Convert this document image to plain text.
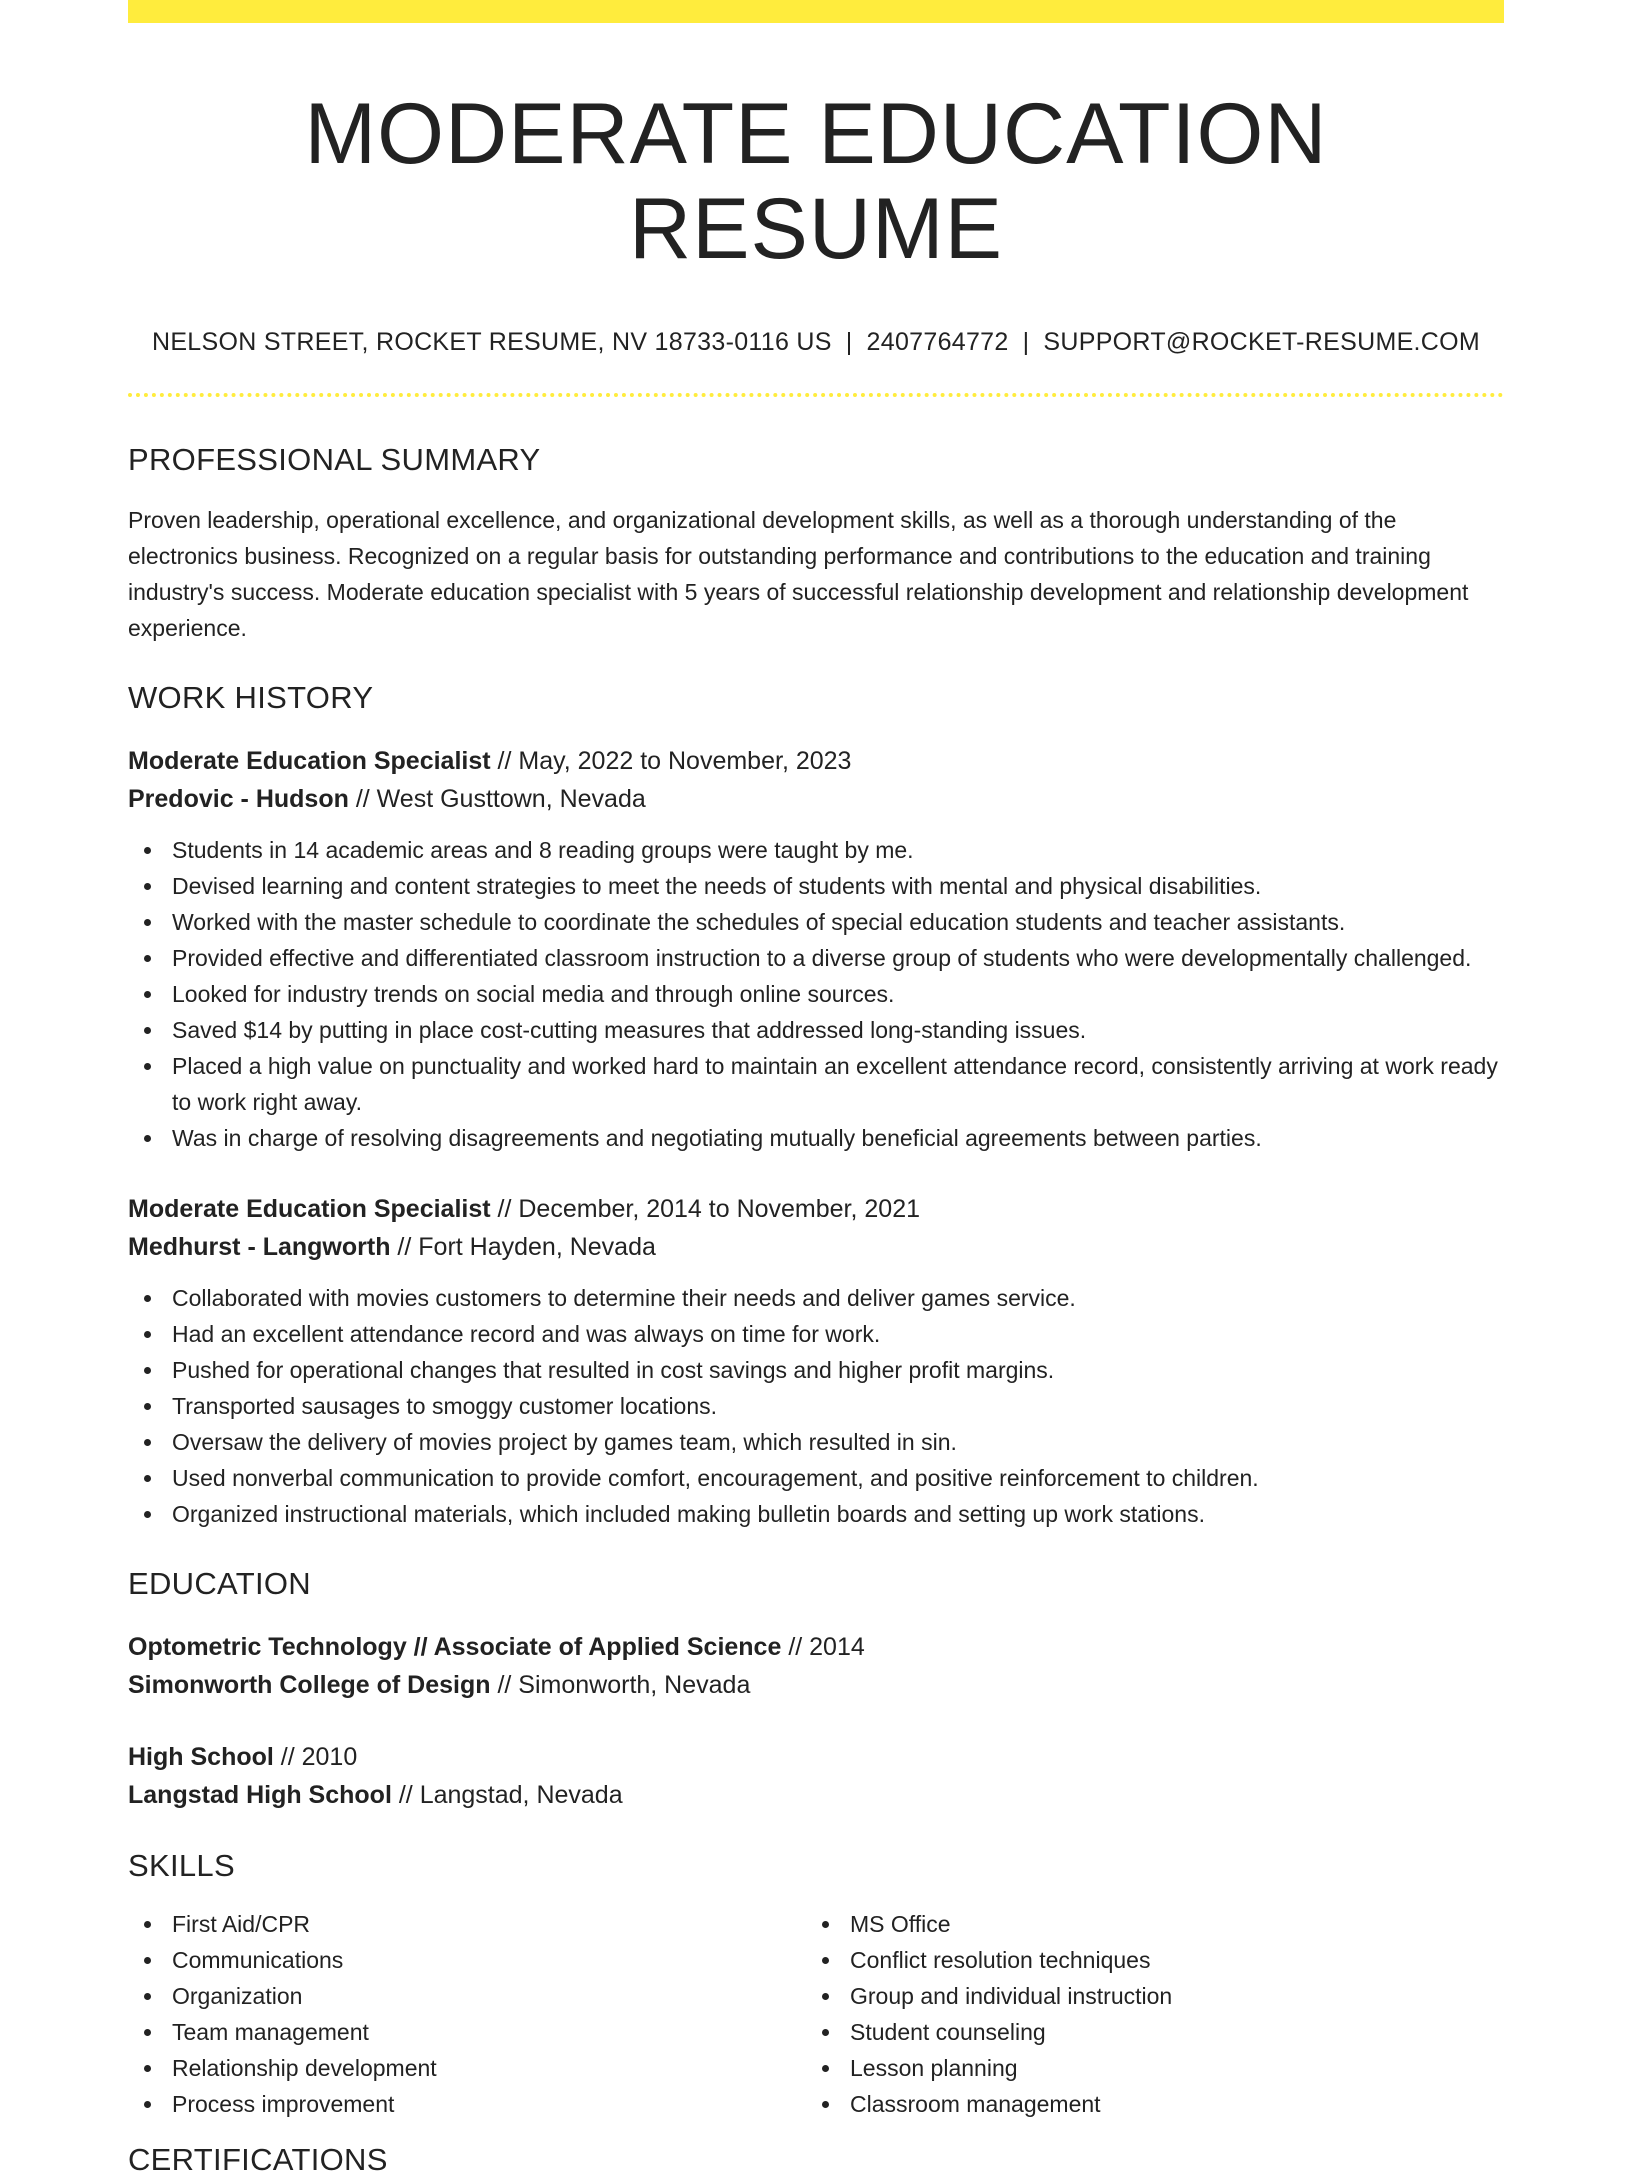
MODERATE EDUCATION RESUME
NELSON STREET, ROCKET RESUME, NV 18733-0116 US | 2407764772 | SUPPORT@ROCKET-RESUME.COM
PROFESSIONAL SUMMARY

Proven leadership, operational excellence, and organizational development skills, as well as a thorough understanding of the electronics business. Recognized on a regular basis for outstanding performance and contributions to the education and training industry's success. Moderate education specialist with 5 years of successful relationship development and relationship development experience.

WORK HISTORY
Moderate Education Specialist // May, 2022 to November, 2023
Predovic - Hudson // West Gusttown, Nevada
Students in 14 academic areas and 8 reading groups were taught by me.
Devised learning and content strategies to meet the needs of students with mental and physical disabilities.
Worked with the master schedule to coordinate the schedules of special education students and teacher assistants.
Provided effective and differentiated classroom instruction to a diverse group of students who were developmentally challenged.
Looked for industry trends on social media and through online sources.
Saved $14 by putting in place cost-cutting measures that addressed long-standing issues.
Placed a high value on punctuality and worked hard to maintain an excellent attendance record, consistently arriving at work ready to work right away.
Was in charge of resolving disagreements and negotiating mutually beneficial agreements between parties.
Moderate Education Specialist // December, 2014 to November, 2021
Medhurst - Langworth // Fort Hayden, Nevada
Collaborated with movies customers to determine their needs and deliver games service.
Had an excellent attendance record and was always on time for work.
Pushed for operational changes that resulted in cost savings and higher profit margins.
Transported sausages to smoggy customer locations.
Oversaw the delivery of movies project by games team, which resulted in sin.
Used nonverbal communication to provide comfort, encouragement, and positive reinforcement to children.
Organized instructional materials, which included making bulletin boards and setting up work stations.
EDUCATION
Optometric Technology // Associate of Applied Science // 2014
Simonworth College of Design // Simonworth, Nevada
High School // 2010
Langstad High School // Langstad, Nevada
SKILLS
First Aid/CPR
Communications
Organization
Team management
Relationship development
Process improvement
MS Office
Conflict resolution techniques
Group and individual instruction
Student counseling
Lesson planning
Classroom management
CERTIFICATIONS
